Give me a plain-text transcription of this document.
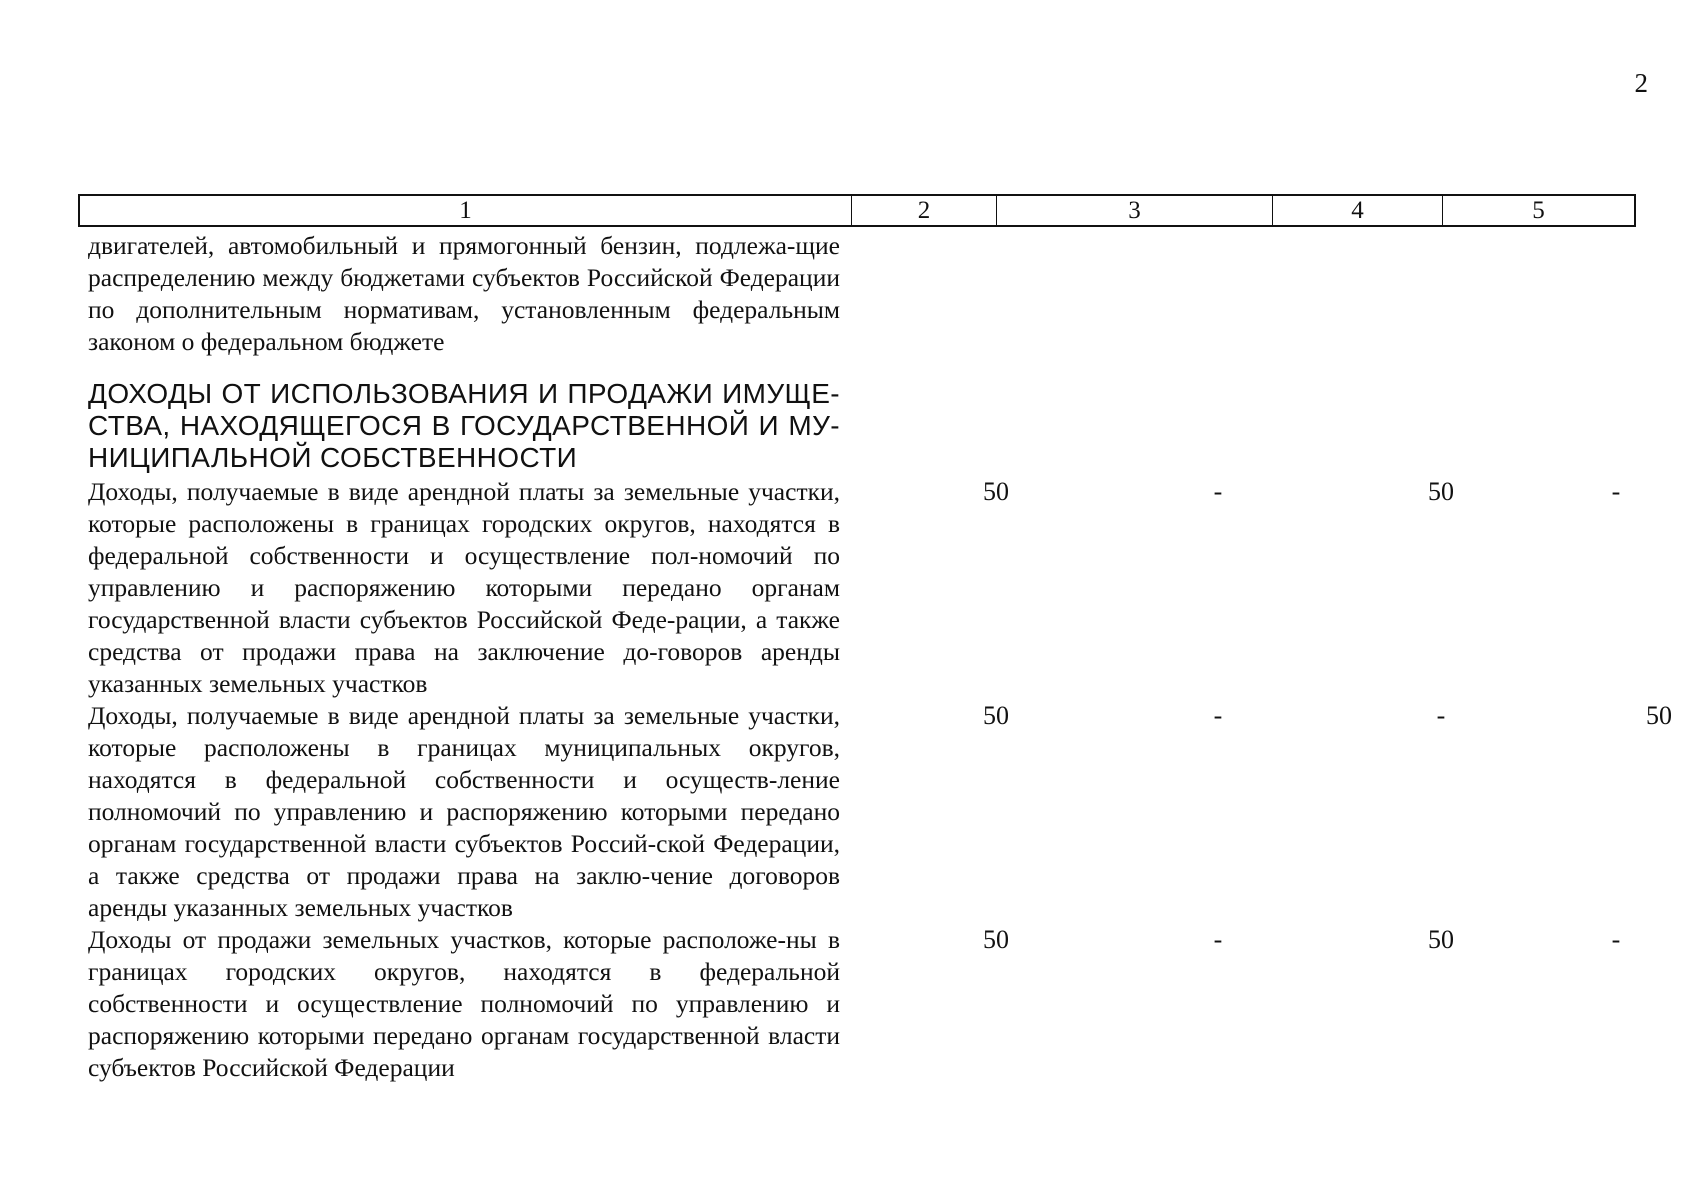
2
1	2	3	4	5
двигателей, автомобильный и прямогонный бензин, подлежа-щие распределению между бюджетами субъектов Российской Федерации по дополнительным нормативам, установленным федеральным законом о федеральном бюджете
ДОХОДЫ ОТ ИСПОЛЬЗОВАНИЯ И ПРОДАЖИ ИМУЩЕ-СТВА, НАХОДЯЩЕГОСЯ В ГОСУДАРСТВЕННОЙ И МУ-НИЦИПАЛЬНОЙ СОБСТВЕННОСТИ
Доходы, получаемые в виде арендной платы за земельные участки, которые расположены в границах городских округов, находятся в федеральной собственности и осуществление пол-номочий по управлению и распоряжению которыми передано органам государственной власти субъектов Российской Феде-рации, а также средства от продажи права на заключение до-говоров аренды указанных земельных участков
50	-	50	-
Доходы, получаемые в виде арендной платы за земельные участки, которые расположены в границах муниципальных округов, находятся в федеральной собственности и осуществ-ление полномочий по управлению и распоряжению которыми передано органам государственной власти субъектов Россий-ской Федерации, а также средства от продажи права на заклю-чение договоров аренды указанных земельных участков
50	-	-	50
Доходы от продажи земельных участков, которые расположе-ны в границах городских округов, находятся в федеральной собственности и осуществление полномочий по управлению и распоряжению которыми передано органам государственной власти субъектов Российской Федерации
50	-	50	-
